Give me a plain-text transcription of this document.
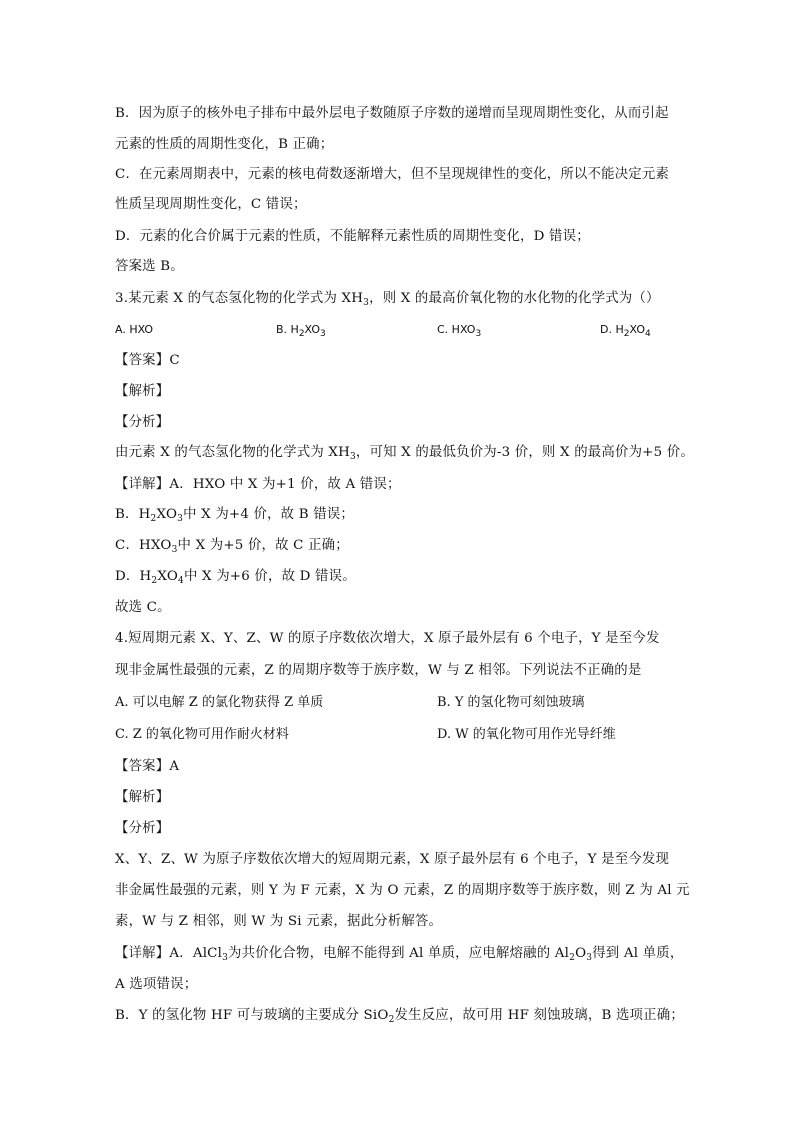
B．因为原子的核外电子排布中最外层电子数随原子序数的递增而呈现周期性变化，从而引起
元素的性质的周期性变化，B 正确；
C．在元素周期表中，元素的核电荷数逐渐增大，但不呈现规律性的变化，所以不能决定元素
性质呈现周期性变化，C 错误；
D．元素的化合价属于元素的性质，不能解释元素性质的周期性变化，D 错误；
答案选 B。
3.某元素 X 的气态氢化物的化学式为 $XH_3$，则 X 的最高价氧化物的水化物的化学式为（）
A. HXO	B. $H_2XO_3$	C. $HXO_3$	D. $H_2XO_4$
【答案】C
【解析】
【分析】
由元素 X 的气态氢化物的化学式为 $XH_3$，可知 X 的最低负价为-3 价，则 X 的最高价为+5 价。
【详解】A．HXO 中 X 为+1 价，故 A 错误；
B．$H_2XO_3$中 X 为+4 价，故 B 错误；
C．$HXO_3$中 X 为+5 价，故 C 正确；
D．$H_2XO_4$中 X 为+6 价，故 D 错误。
故选 C。
4.短周期元素 X、Y、Z、W 的原子序数依次增大，X 原子最外层有 6 个电子，Y 是至今发
现非金属性最强的元素，Z 的周期序数等于族序数，W 与 Z 相邻。下列说法不正确的是
A. 可以电解 Z 的氯化物获得 Z 单质	B. Y 的氢化物可刻蚀玻璃
C. Z 的氧化物可用作耐火材料	D. W 的氧化物可用作光导纤维
【答案】A
【解析】
【分析】
X、Y、Z、W 为原子序数依次增大的短周期元素，X 原子最外层有 6 个电子，Y 是至今发现
非金属性最强的元素，则 Y 为 F 元素，X 为 O 元素，Z 的周期序数等于族序数，则 Z 为 Al 元
素，W 与 Z 相邻，则 W 为 Si 元素，据此分析解答。
【详解】A．AlCl$_3$为共价化合物，电解不能得到 Al 单质，应电解熔融的 $Al_2O_3$得到 Al 单质，
A 选项错误；
B．Y 的氢化物 HF 可与玻璃的主要成分 SiO$_2$发生反应，故可用 HF 刻蚀玻璃，B 选项正确；
